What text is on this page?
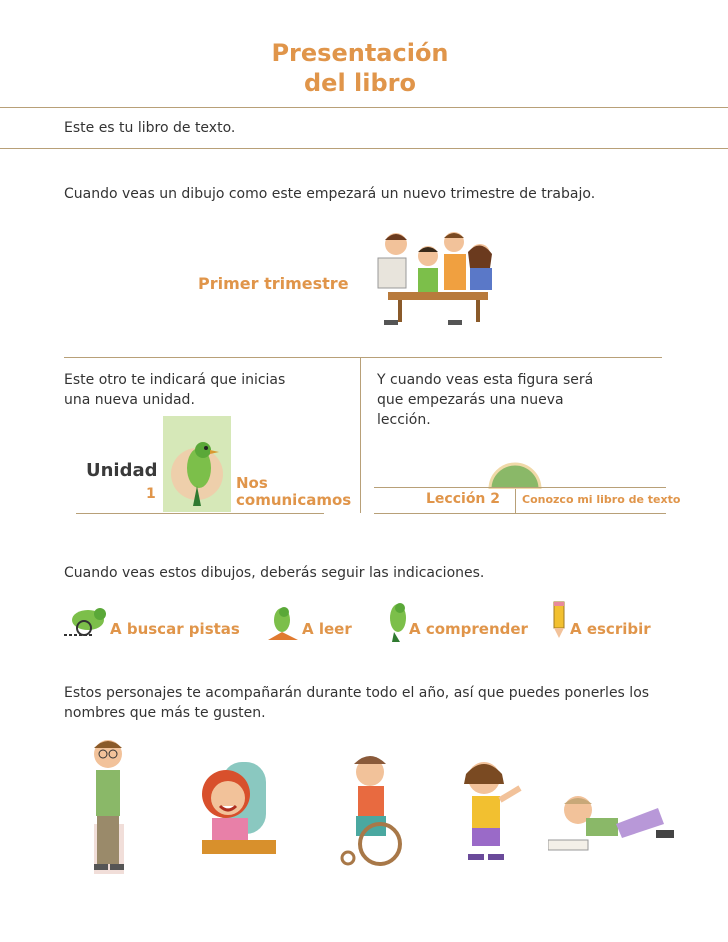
Presentación
del libro
Este es tu libro de texto.
Cuando veas un dibujo como este empezará un nuevo trimestre de trabajo.
Primer trimestre
Este otro te indicará que inicias
una nueva unidad.
Unidad
1
Nos
comunicamos
Y cuando veas esta figura será
que empezarás una nueva
lección.
Lección 2 Conozco mi libro de texto
Cuando veas estos dibujos, deberás seguir las indicaciones.
A buscar pistas	A leer	A comprender	A escribir
Estos personajes te acompañarán durante todo el año, así que puedes ponerles los
nombres que más te gusten.
